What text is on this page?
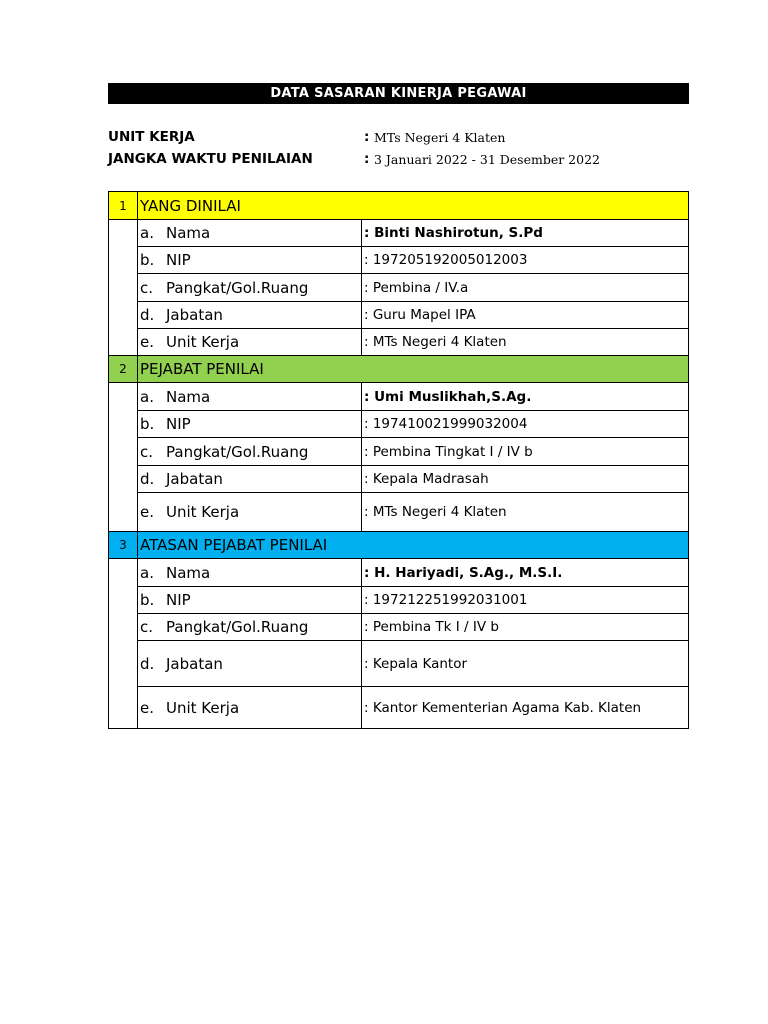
DATA SASARAN KINERJA PEGAWAI
UNIT KERJA	: MTs Negeri 4 Klaten
JANGKA WAKTU PENILAIAN	: 3 Januari 2022 - 31 Desember 2022
1	YANG DINILAI	
	a. Nama	: Binti Nashirotun, S.Pd
	b. NIP	: 197205192005012003
	c. Pangkat/Gol.Ruang	: Pembina / IV.a
	d. Jabatan	: Guru Mapel IPA
	e. Unit Kerja	: MTs Negeri 4 Klaten
2	PEJABAT PENILAI	
	a. Nama	: Umi Muslikhah,S.Ag.
	b. NIP	: 197410021999032004
	c. Pangkat/Gol.Ruang	: Pembina Tingkat I / IV b
	d. Jabatan	: Kepala Madrasah
	e. Unit Kerja	: MTs Negeri 4 Klaten
3	ATASAN PEJABAT PENILAI	
	a. Nama	: H. Hariyadi, S.Ag., M.S.I.
	b. NIP	: 197212251992031001
	c. Pangkat/Gol.Ruang	: Pembina Tk I / IV b
	d. Jabatan	: Kepala Kantor
	e. Unit Kerja	: Kantor Kementerian Agama Kab. Klaten
